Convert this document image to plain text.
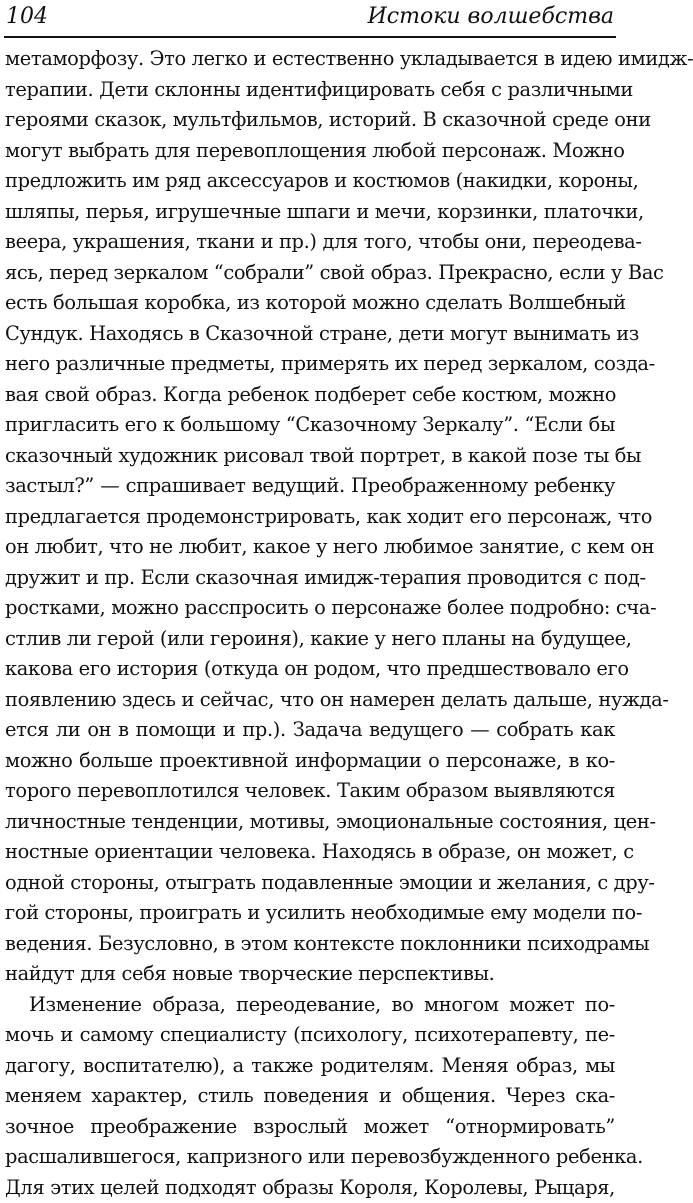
104	Истоки волшебства
метаморфозу. Это легко и естественно укладывается в идею имидж-
терапии. Дети склонны идентифицировать себя с различными
героями сказок, мультфильмов, историй. В сказочной среде они
могут выбрать для перевоплощения любой персонаж. Можно
предложить им ряд аксессуаров и костюмов (накидки, короны,
шляпы, перья, игрушечные шпаги и мечи, корзинки, платочки,
веера, украшения, ткани и пр.) для того, чтобы они, переодева-
ясь, перед зеркалом “собрали” свой образ. Прекрасно, если у Вас
есть большая коробка, из которой можно сделать Волшебный
Сундук. Находясь в Сказочной стране, дети могут вынимать из
него различные предметы, примерять их перед зеркалом, созда-
вая свой образ. Когда ребенок подберет себе костюм, можно
пригласить его к большому “Сказочному Зеркалу”. “Если бы
сказочный художник рисовал твой портрет, в какой позе ты бы
застыл?” — спрашивает ведущий. Преображенному ребенку
предлагается продемонстрировать, как ходит его персонаж, что
он любит, что не любит, какое у него любимое занятие, с кем он
дружит и пр. Если сказочная имидж-терапия проводится с под-
ростками, можно расспросить о персонаже более подробно: сча-
стлив ли герой (или героиня), какие у него планы на будущее,
какова его история (откуда он родом, что предшествовало его
появлению здесь и сейчас, что он намерен делать дальше, нужда-
ется ли он в помощи и пр.). Задача ведущего — собрать как
можно больше проективной информации о персонаже, в ко-
торого перевоплотился человек. Таким образом выявляются
личностные тенденции, мотивы, эмоциональные состояния, цен-
ностные ориентации человека. Находясь в образе, он может, с
одной стороны, отыграть подавленные эмоции и желания, с дру-
гой стороны, проиграть и усилить необходимые ему модели по-
ведения. Безусловно, в этом контексте поклонники психодрамы
найдут для себя новые творческие перспективы.
Изменение образа, переодевание, во многом может по-
мочь и самому специалисту (психологу, психотерапевту, пе-
дагогу, воспитателю), а также родителям. Меняя образ, мы
меняем характер, стиль поведения и общения. Через ска-
зочное преображение взрослый может “отнормировать”
расшалившегося, капризного или перевозбужденного ребенка.
Для этих целей подходят образы Короля, Королевы, Рыцаря,
